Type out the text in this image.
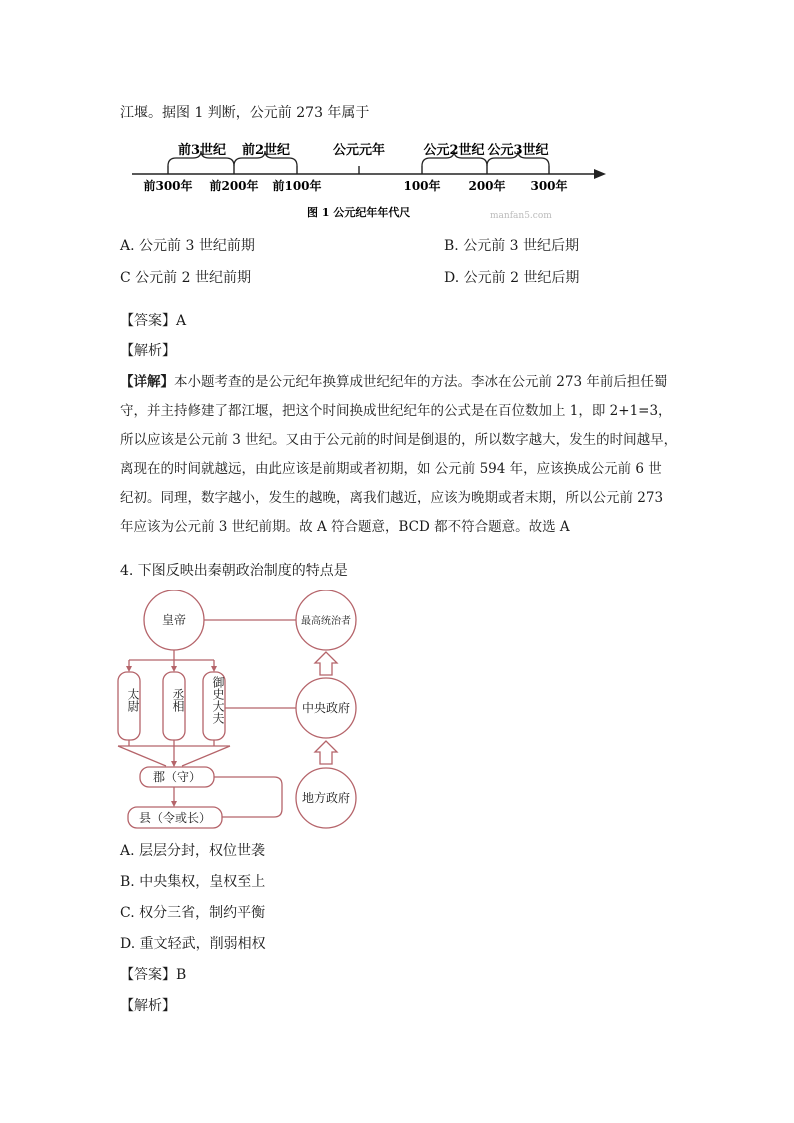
江堰。据图 1 判断，公元前 273 年属于
前3世纪 前2世纪	公元元年	公元2世纪 公元3世纪
前300年 前200年 前100年	100年 200年 300年
图 1 公元纪年年代尺	manfan5.com
A. 公元前 3 世纪前期	B. 公元前 3 世纪后期
C 公元前 2 世纪前期	D. 公元前 2 世纪后期
【答案】A
【解析】
【详解】本小题考查的是公元纪年换算成世纪纪年的方法。李冰在公元前 273 年前后担任蜀
守，并主持修建了都江堰，把这个时间换成世纪纪年的公式是在百位数加上 1，即 2+1=3，
所以应该是公元前 3 世纪。又由于公元前的时间是倒退的，所以数字越大，发生的时间越早，
离现在的时间就越远，由此应该是前期或者初期，如 公元前 594 年，应该换成公元前 6 世
纪初。同理，数字越小，发生的越晚，离我们越近，应该为晚期或者末期，所以公元前 273
年应该为公元前 3 世纪前期。故 A 符合题意，BCD 都不符合题意。故选 A
4. 下图反映出秦朝政治制度的特点是
皇帝	最高统治者
中央政府
地方政府
郡（守）
县（令或长）
太尉	丞相	御史大夫
A. 层层分封，权位世袭
B. 中央集权，皇权至上
C. 权分三省，制约平衡
D. 重文轻武，削弱相权
【答案】B
【解析】
